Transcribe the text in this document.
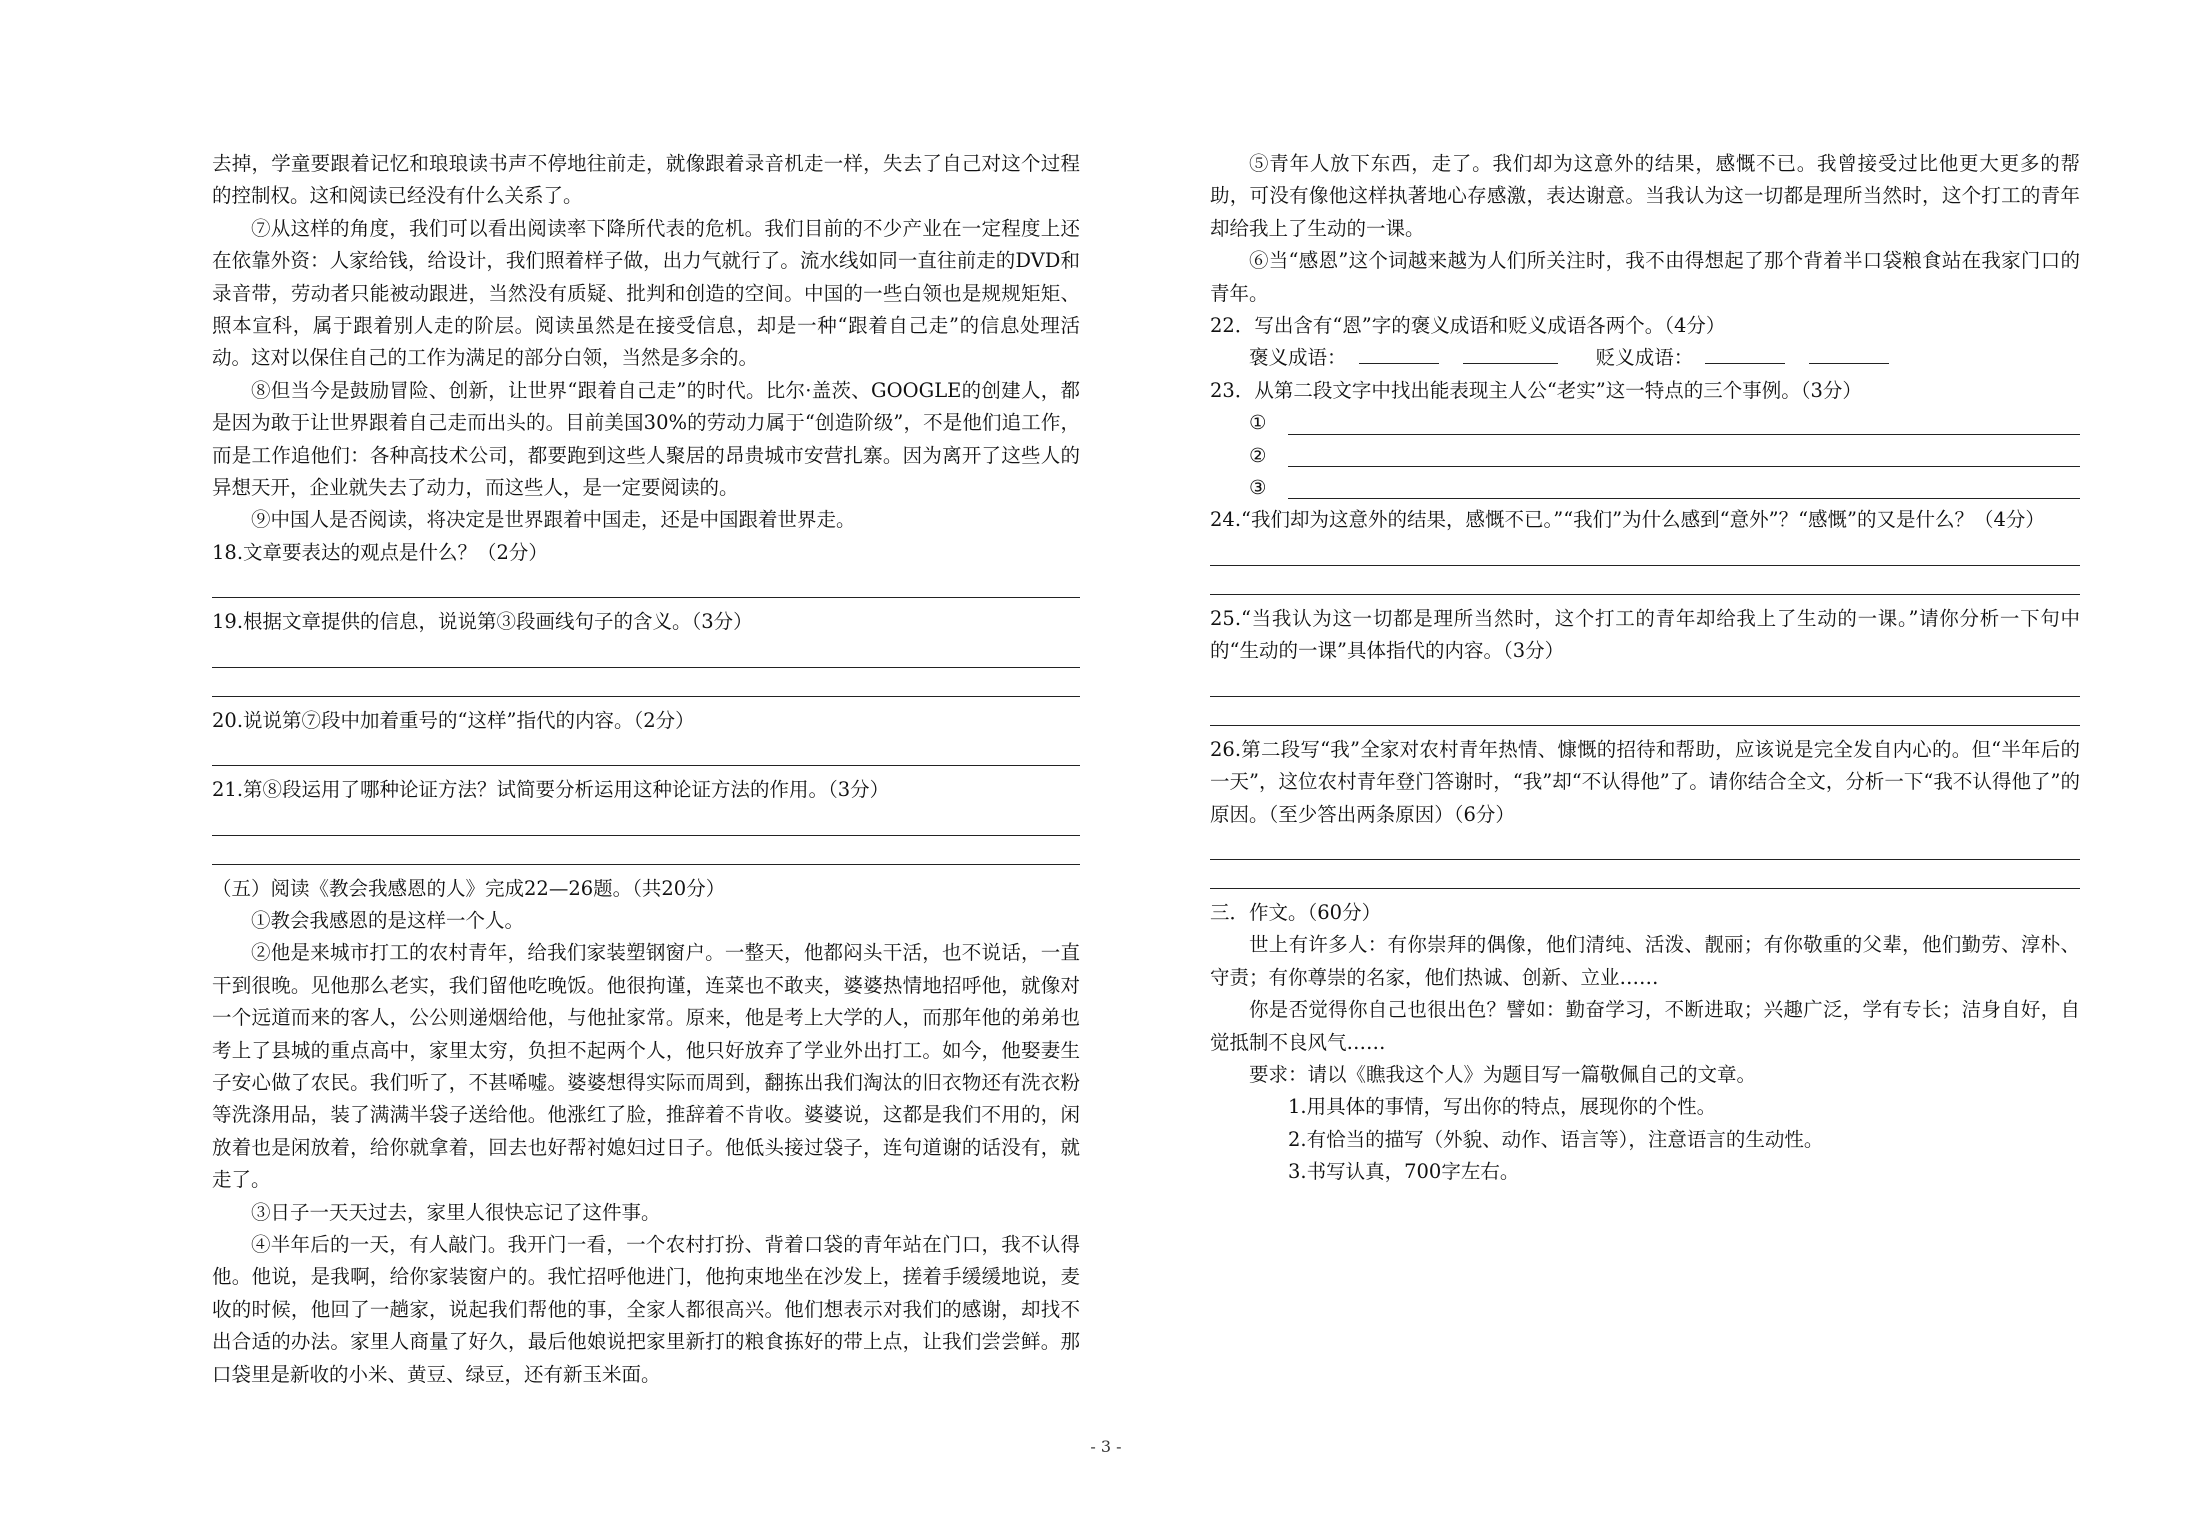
去掉，学童要跟着记忆和琅琅读书声不停地往前走，就像跟着录音机走一样，失去了自己对这个过程的控制权。这和阅读已经没有什么关系了。

⑦从这样的角度，我们可以看出阅读率下降所代表的危机。我们目前的不少产业在一定程度上还在依靠外资：人家给钱，给设计，我们照着样子做，出力气就行了。流水线如同一直往前走的DVD和录音带，劳动者只能被动跟进，当然没有质疑、批判和创造的空间。中国的一些白领也是规规矩矩、照本宣科，属于跟着别人走的阶层。阅读虽然是在接受信息，却是一种“跟着自己走”的信息处理活动。这对以保住自己的工作为满足的部分白领，当然是多余的。

⑧但当今是鼓励冒险、创新，让世界“跟着自己走”的时代。比尔·盖茨、GOOGLE的创建人，都是因为敢于让世界跟着自己走而出头的。目前美国30%的劳动力属于“创造阶级”，不是他们追工作，而是工作追他们：各种高技术公司，都要跑到这些人聚居的昂贵城市安营扎寨。因为离开了这些人的异想天开，企业就失去了动力，而这些人，是一定要阅读的。

⑨中国人是否阅读，将决定是世界跟着中国走，还是中国跟着世界走。

18.文章要表达的观点是什么？（2分）

19.根据文章提供的信息，说说第③段画线句子的含义。（3分）

20.说说第⑦段中加着重号的“这样”指代的内容。（2分）

21.第⑧段运用了哪种论证方法？试简要分析运用这种论证方法的作用。（3分）

（五）阅读《教会我感恩的人》完成22—26题。（共20分）

①教会我感恩的是这样一个人。

②他是来城市打工的农村青年，给我们家装塑钢窗户。一整天，他都闷头干活，也不说话，一直干到很晚。见他那么老实，我们留他吃晚饭。他很拘谨，连菜也不敢夹，婆婆热情地招呼他，就像对一个远道而来的客人，公公则递烟给他，与他扯家常。原来，他是考上大学的人，而那年他的弟弟也考上了县城的重点高中，家里太穷，负担不起两个人，他只好放弃了学业外出打工。如今，他娶妻生子安心做了农民。我们听了，不甚唏嘘。婆婆想得实际而周到，翻拣出我们淘汰的旧衣物还有洗衣粉等洗涤用品，装了满满半袋子送给他。他涨红了脸，推辞着不肯收。婆婆说，这都是我们不用的，闲放着也是闲放着，给你就拿着，回去也好帮衬媳妇过日子。他低头接过袋子，连句道谢的话没有，就走了。

③日子一天天过去，家里人很快忘记了这件事。

④半年后的一天，有人敲门。我开门一看，一个农村打扮、背着口袋的青年站在门口，我不认得他。他说，是我啊，给你家装窗户的。我忙招呼他进门，他拘束地坐在沙发上，搓着手缓缓地说，麦收的时候，他回了一趟家，说起我们帮他的事，全家人都很高兴。他们想表示对我们的感谢，却找不出合适的办法。家里人商量了好久，最后他娘说把家里新打的粮食拣好的带上点，让我们尝尝鲜。那口袋里是新收的小米、黄豆、绿豆，还有新玉米面。

⑤青年人放下东西，走了。我们却为这意外的结果，感慨不已。我曾接受过比他更大更多的帮助，可没有像他这样执著地心存感激，表达谢意。当我认为这一切都是理所当然时，这个打工的青年却给我上了生动的一课。

⑥当“感恩”这个词越来越为人们所关注时，我不由得想起了那个背着半口袋粮食站在我家门口的青年。

22．写出含有“恩”字的褒义成语和贬义成语各两个。（4分）

褒义成语：	贬义成语：

23．从第二段文字中找出能表现主人公“老实”这一特点的三个事例。（3分）

①
②
③

24.“我们却为这意外的结果，感慨不已。”“我们”为什么感到“意外”？“感慨”的又是什么？（4分）

25.“当我认为这一切都是理所当然时，这个打工的青年却给我上了生动的一课。”请你分析一下句中的“生动的一课”具体指代的内容。（3分）

26.第二段写“我”全家对农村青年热情、慷慨的招待和帮助，应该说是完全发自内心的。但“半年后的一天”，这位农村青年登门答谢时，“我”却“不认得他”了。请你结合全文，分析一下“我不认得他了”的原因。（至少答出两条原因）（6分）

三．作文。（60分）

世上有许多人：有你崇拜的偶像，他们清纯、活泼、靓丽；有你敬重的父辈，他们勤劳、淳朴、守责；有你尊崇的名家，他们热诚、创新、立业……

你是否觉得你自己也很出色？譬如：勤奋学习，不断进取；兴趣广泛，学有专长；洁身自好，自觉抵制不良风气……

要求：请以《瞧我这个人》为题目写一篇敬佩自己的文章。

1.用具体的事情，写出你的特点，展现你的个性。

2.有恰当的描写（外貌、动作、语言等），注意语言的生动性。

3.书写认真，700字左右。

- 3 -
